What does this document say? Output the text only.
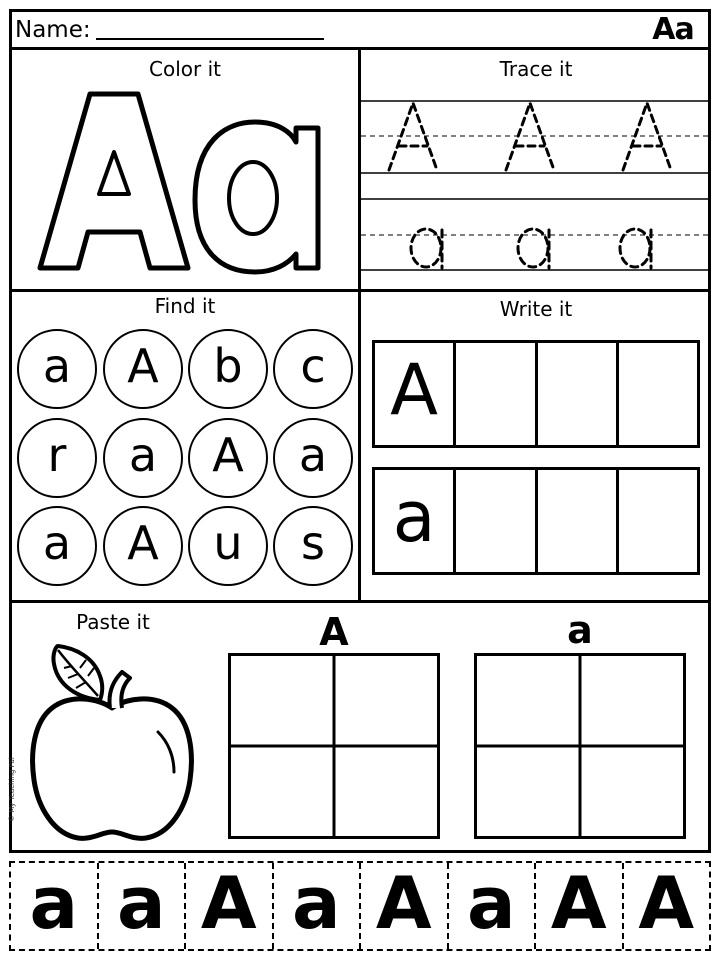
Name:	Aa
Color it	Trace it
Find it
a	A	b	c
r	a	A	a
a	A	u	s
Write it
A
a
Paste it	A	a
© My Teaching Pal
a a A a A a A A
